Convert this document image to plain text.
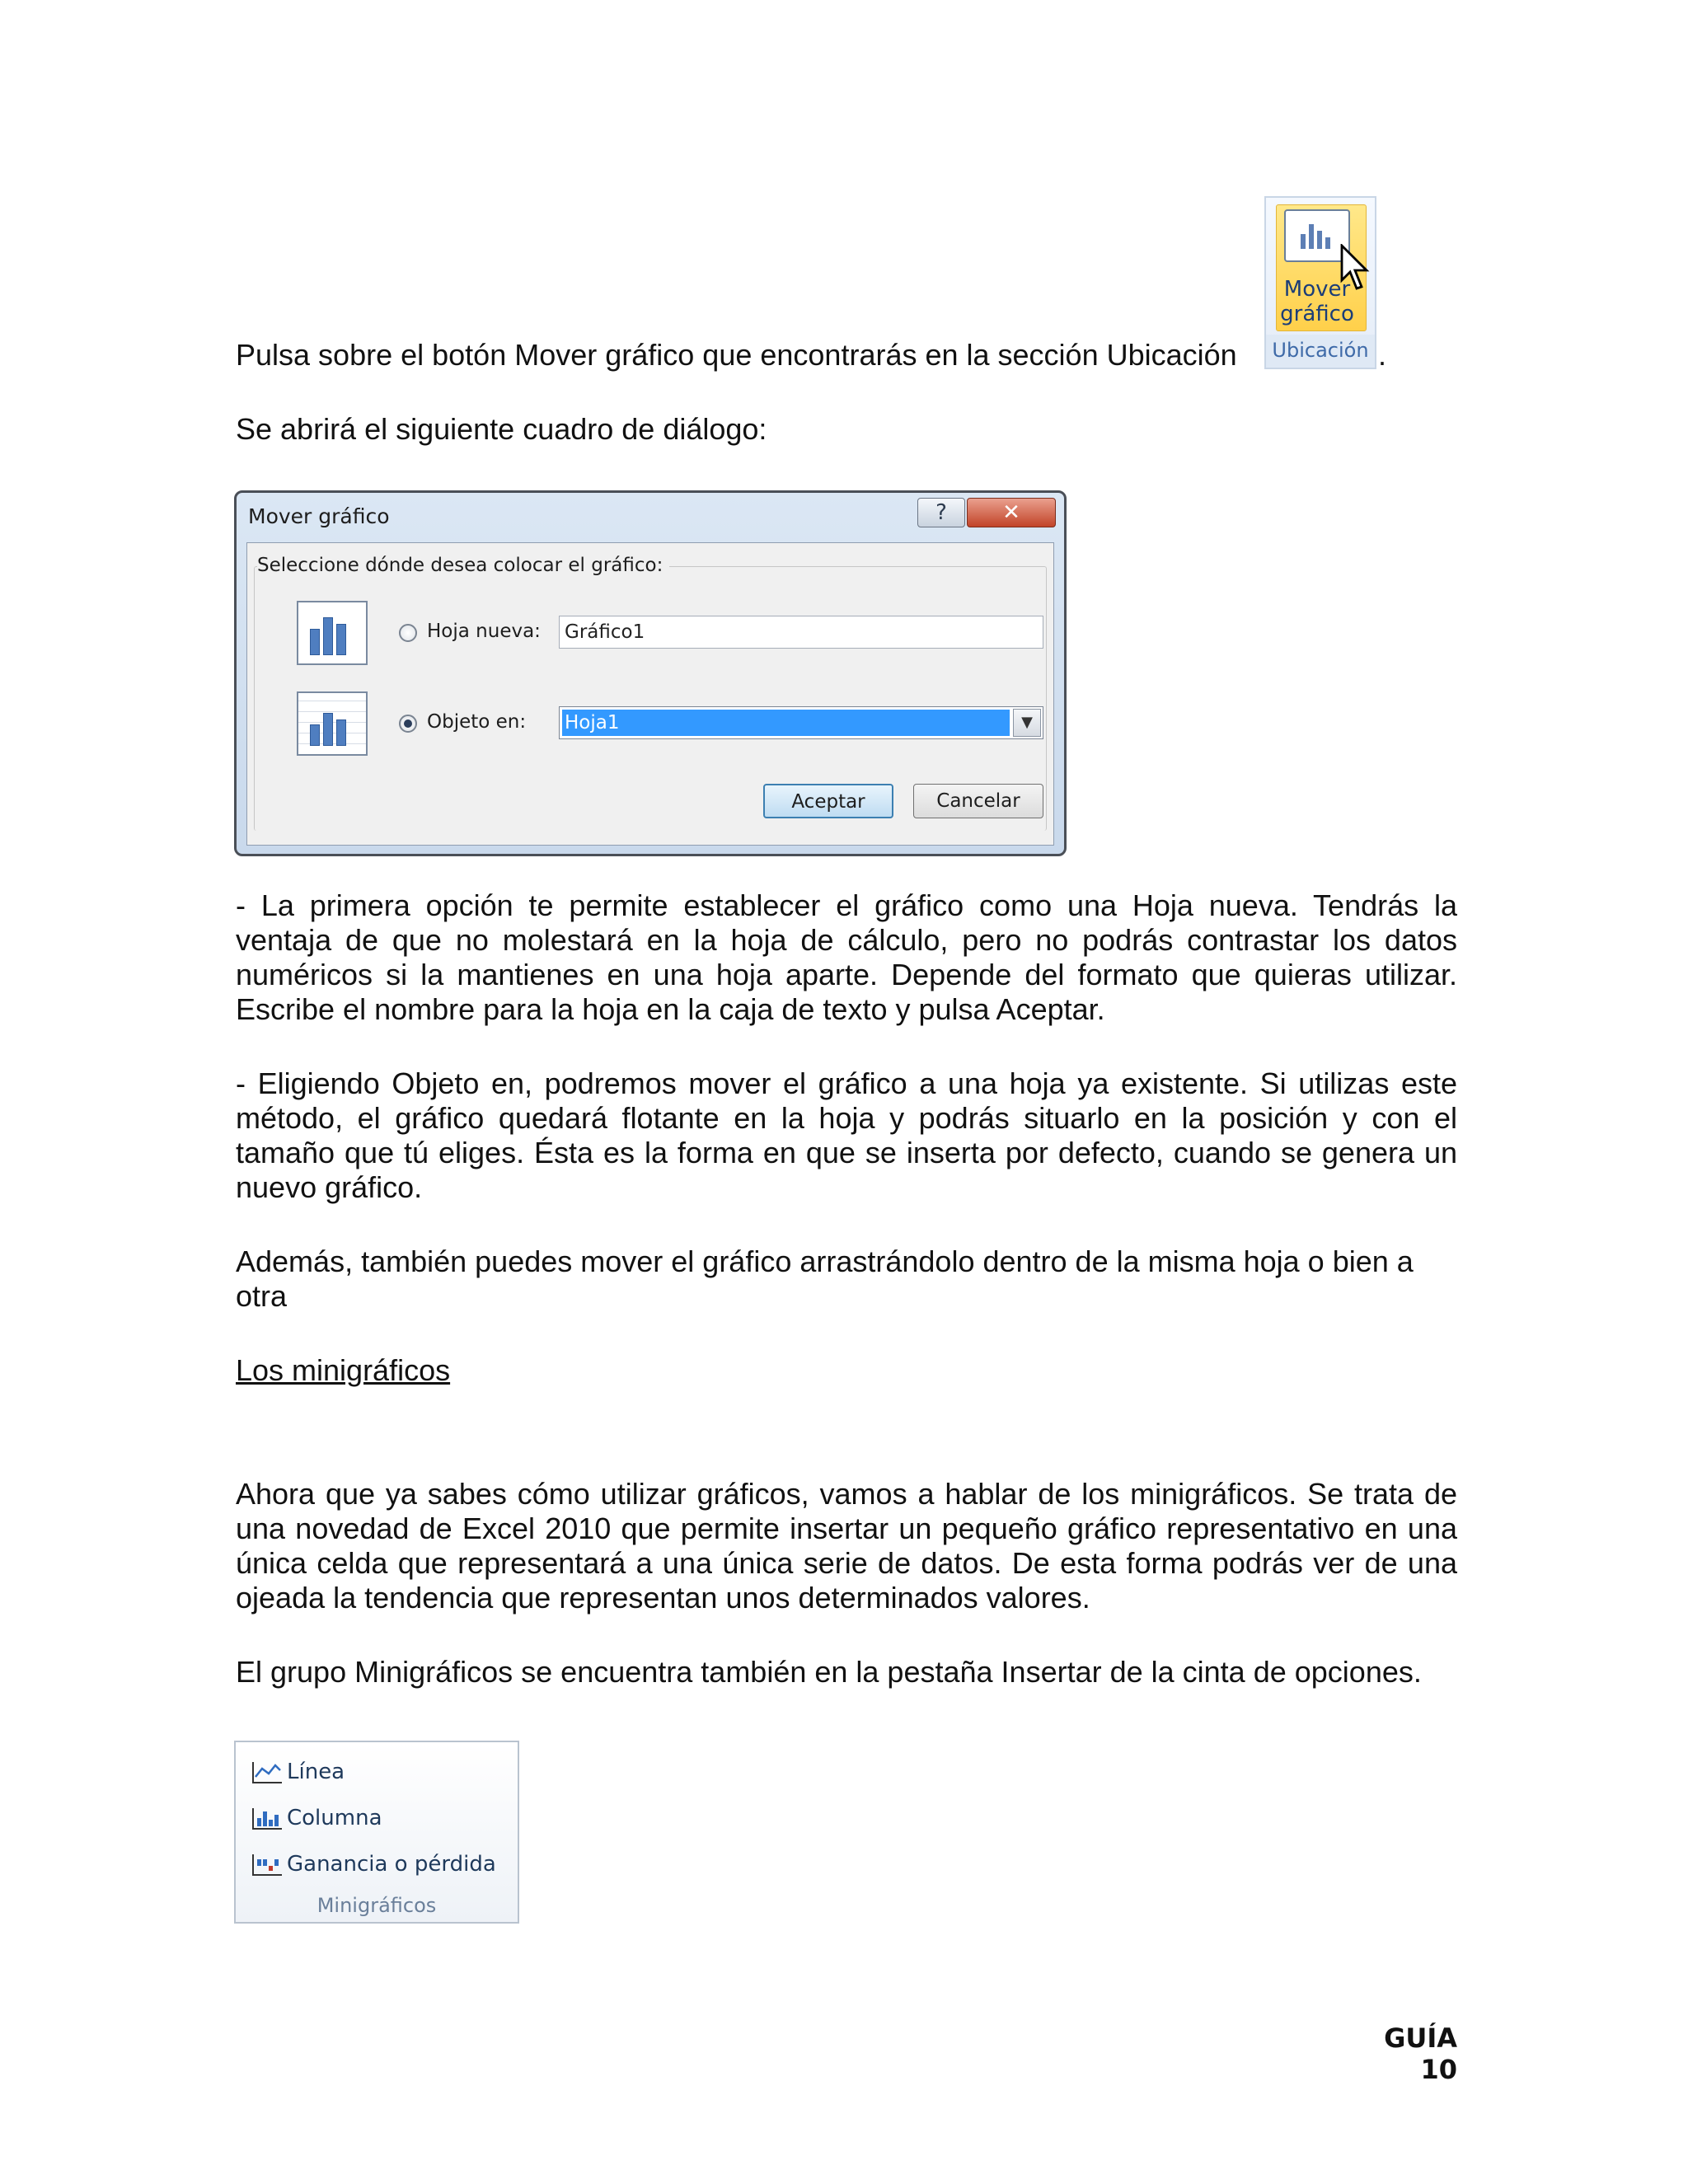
Pulsa sobre el botón Mover gráfico que encontrarás en la sección Ubicación	.
Mover
gráfico
Ubicación

Se abrirá el siguiente cuadro de diálogo:

Mover gráfico	?	✕
Seleccione dónde desea colocar el gráfico:
Hoja nueva:	Gráfico1
Objeto en: Hoja1	▼
Aceptar	Cancelar

- La primera opción te permite establecer el gráfico como una Hoja nueva. Tendrás la ventaja de que no molestará en la hoja de cálculo, pero no podrás contrastar los datos numéricos si la mantienes en una hoja aparte. Depende del formato que quieras utilizar. Escribe el nombre para la hoja en la caja de texto y pulsa Aceptar.

- Eligiendo Objeto en, podremos mover el gráfico a una hoja ya existente. Si utilizas este método, el gráfico quedará flotante en la hoja y podrás situarlo en la posición y con el tamaño que tú eliges. Ésta es la forma en que se inserta por defecto, cuando se genera un nuevo gráfico.

Además, también puedes mover el gráfico arrastrándolo dentro de la misma hoja o bien a otra

Los minigráficos

Ahora que ya sabes cómo utilizar gráficos, vamos a hablar de los minigráficos. Se trata de una novedad de Excel 2010 que permite insertar un pequeño gráfico representativo en una única celda que representará a una única serie de datos. De esta forma podrás ver de una ojeada la tendencia que representan unos determinados valores.

El grupo Minigráficos se encuentra también en la pestaña Insertar de la cinta de opciones.

Línea
Columna
Ganancia o pérdida
Minigráficos
GUÍA 10
